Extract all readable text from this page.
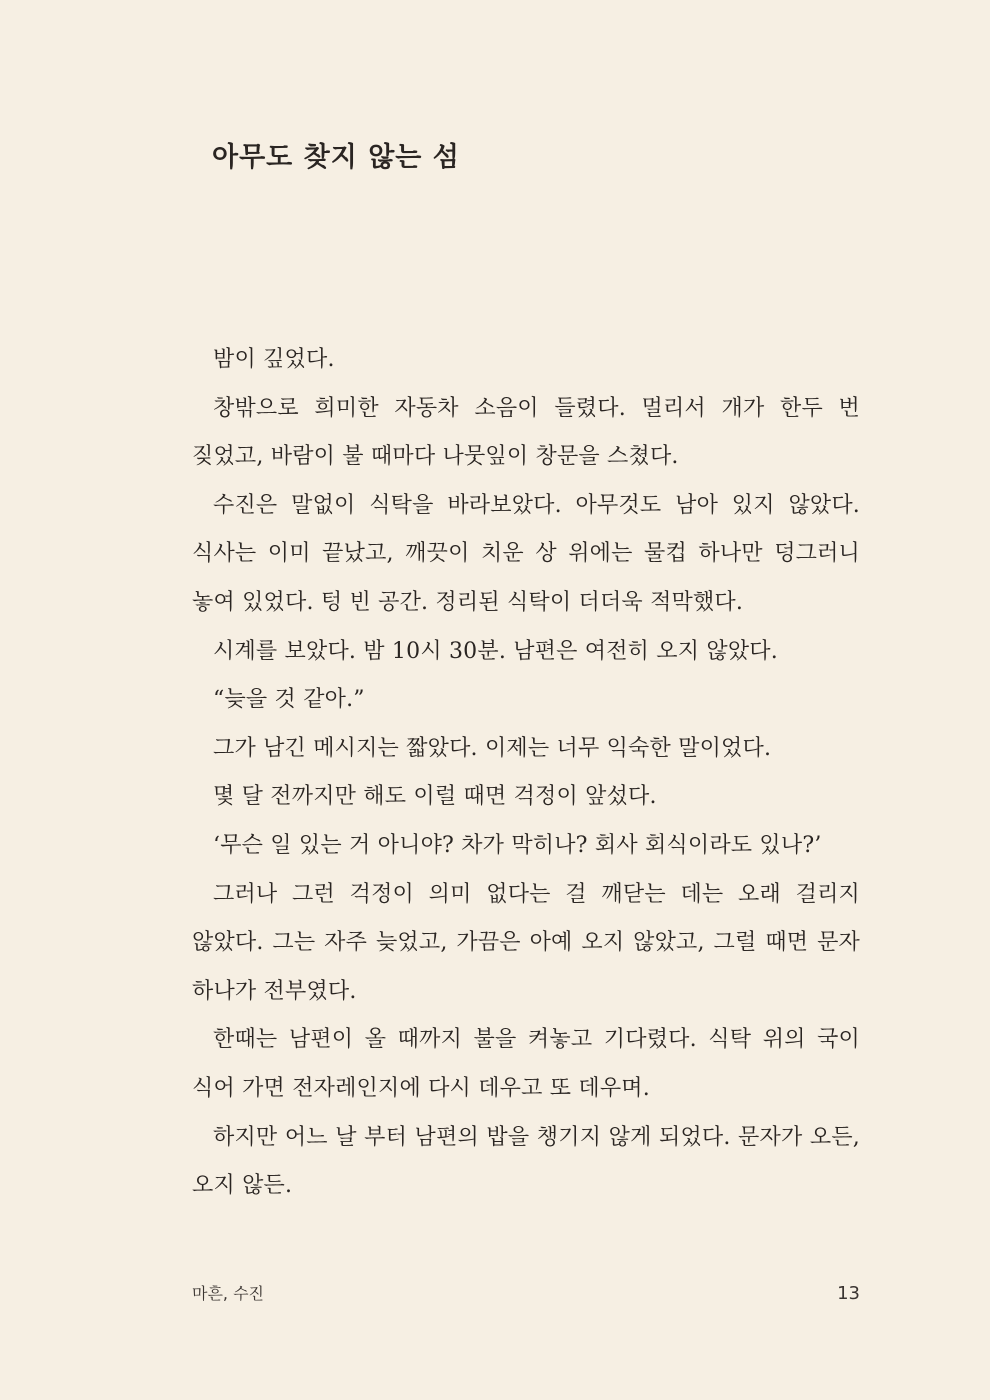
아무도 찾지 않는 섬

밤이 깊었다.

창밖으로 희미한 자동차 소음이 들렸다. 멀리서 개가 한두 번 짖었고, 바람이 불 때마다 나뭇잎이 창문을 스쳤다.

수진은 말없이 식탁을 바라보았다. 아무것도 남아 있지 않았다. 식사는 이미 끝났고, 깨끗이 치운 상 위에는 물컵 하나만 덩그러니 놓여 있었다. 텅 빈 공간. 정리된 식탁이 더더욱 적막했다.

시계를 보았다. 밤 10시 30분. 남편은 여전히 오지 않았다.

“늦을 것 같아.”

그가 남긴 메시지는 짧았다. 이제는 너무 익숙한 말이었다.

몇 달 전까지만 해도 이럴 때면 걱정이 앞섰다.

‘무슨 일 있는 거 아니야? 차가 막히나? 회사 회식이라도 있나?’

그러나 그런 걱정이 의미 없다는 걸 깨닫는 데는 오래 걸리지 않았다. 그는 자주 늦었고, 가끔은 아예 오지 않았고, 그럴 때면 문자 하나가 전부였다.

한때는 남편이 올 때까지 불을 켜놓고 기다렸다. 식탁 위의 국이 식어 가면 전자레인지에 다시 데우고 또 데우며.

하지만 어느 날 부터 남편의 밥을 챙기지 않게 되었다. 문자가 오든, 오지 않든.

마흔, 수진	13
